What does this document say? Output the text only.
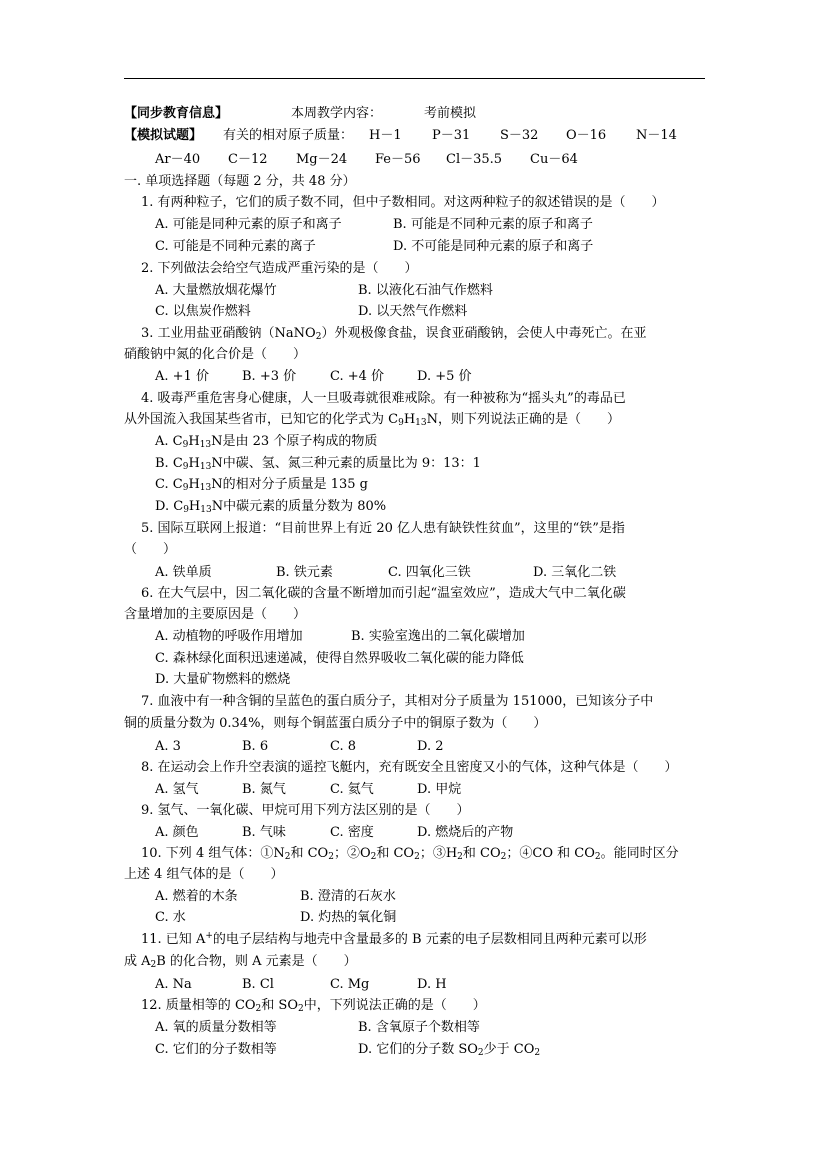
【同步教育信息】	本周教学内容：	考前模拟
【模拟试题】 有关的相对原子质量： H－1 P－31 S－32 O－16 N－14
Ar－40 C－12 Mg－24 Fe－56 Cl－35.5 Cu－64
一. 单项选择题（每题 2 分，共 48 分）
1. 有两种粒子，它们的质子数不同，但中子数相同。对这两种粒子的叙述错误的是（　　）
A. 可能是同种元素的原子和离子	B. 可能是不同种元素的原子和离子
C. 可能是不同种元素的离子	D. 不可能是同种元素的原子和离子
2. 下列做法会给空气造成严重污染的是（　　）
A. 大量燃放烟花爆竹	B. 以液化石油气作燃料
C. 以焦炭作燃料	D. 以天然气作燃料
3. 工业用盐亚硝酸钠（NaNO$_2$）外观极像食盐，误食亚硝酸钠，会使人中毒死亡。在亚
硝酸钠中氮的化合价是（　　）
A. +1 价	B. +3 价	C. +4 价	D. +5 价
4. 吸毒严重危害身心健康，人一旦吸毒就很难戒除。有一种被称为“摇头丸”的毒品已
从外国流入我国某些省市，已知它的化学式为 $C_9H_{13}N$，则下列说法正确的是（　　）
A. $C_9H_{13}N$是由 23 个原子构成的物质
B. $C_9H_{13}N$中碳、氢、氮三种元素的质量比为 9：13：1
C. $C_9H_{13}N$的相对分子质量是 135 g
D. $C_9H_{13}N$中碳元素的质量分数为 80%
5. 国际互联网上报道：“目前世界上有近 20 亿人患有缺铁性贫血”，这里的“铁”是指
（　　）
A. 铁单质	B. 铁元素	C. 四氧化三铁	D. 三氧化二铁
6. 在大气层中，因二氧化碳的含量不断增加而引起“温室效应”，造成大气中二氧化碳
含量增加的主要原因是（　　）
A. 动植物的呼吸作用增加	B. 实验室逸出的二氧化碳增加
C. 森林绿化面积迅速递减，使得自然界吸收二氧化碳的能力降低
D. 大量矿物燃料的燃烧
7. 血液中有一种含铜的呈蓝色的蛋白质分子，其相对分子质量为 151000，已知该分子中
铜的质量分数为 0.34%，则每个铜蓝蛋白质分子中的铜原子数为（　　）
A. 3	B. 6	C. 8	D. 2
8. 在运动会上作升空表演的遥控飞艇内，充有既安全且密度又小的气体，这种气体是（　　）
A. 氢气	B. 氮气	C. 氦气	D. 甲烷
9. 氢气、一氧化碳、甲烷可用下列方法区别的是（　　）
A. 颜色	B. 气味	C. 密度	D. 燃烧后的产物
10. 下列 4 组气体：$①N_2$和 $CO_2$；$②O_2$和 $CO_2$；$③H_2$和 $CO_2$；④CO 和 $CO_2$。能同时区分
上述 4 组气体的是（　　）
A. 燃着的木条	B. 澄清的石灰水
C. 水	D. 灼热的氧化铜
11. 已知 A+的电子层结构与地壳中含量最多的 B 元素的电子层数相同且两种元素可以形
成 $A_2B$ 的化合物，则 A 元素是（　　）
A. Na	B. Cl	C. Mg	D. H
12. 质量相等的 $CO_2$和 $SO_2$中，下列说法正确的是（　　）
A. 氧的质量分数相等	B. 含氧原子个数相等
C. 它们的分子数相等	D. 它们的分子数 $SO_2$少于 $CO_2$
